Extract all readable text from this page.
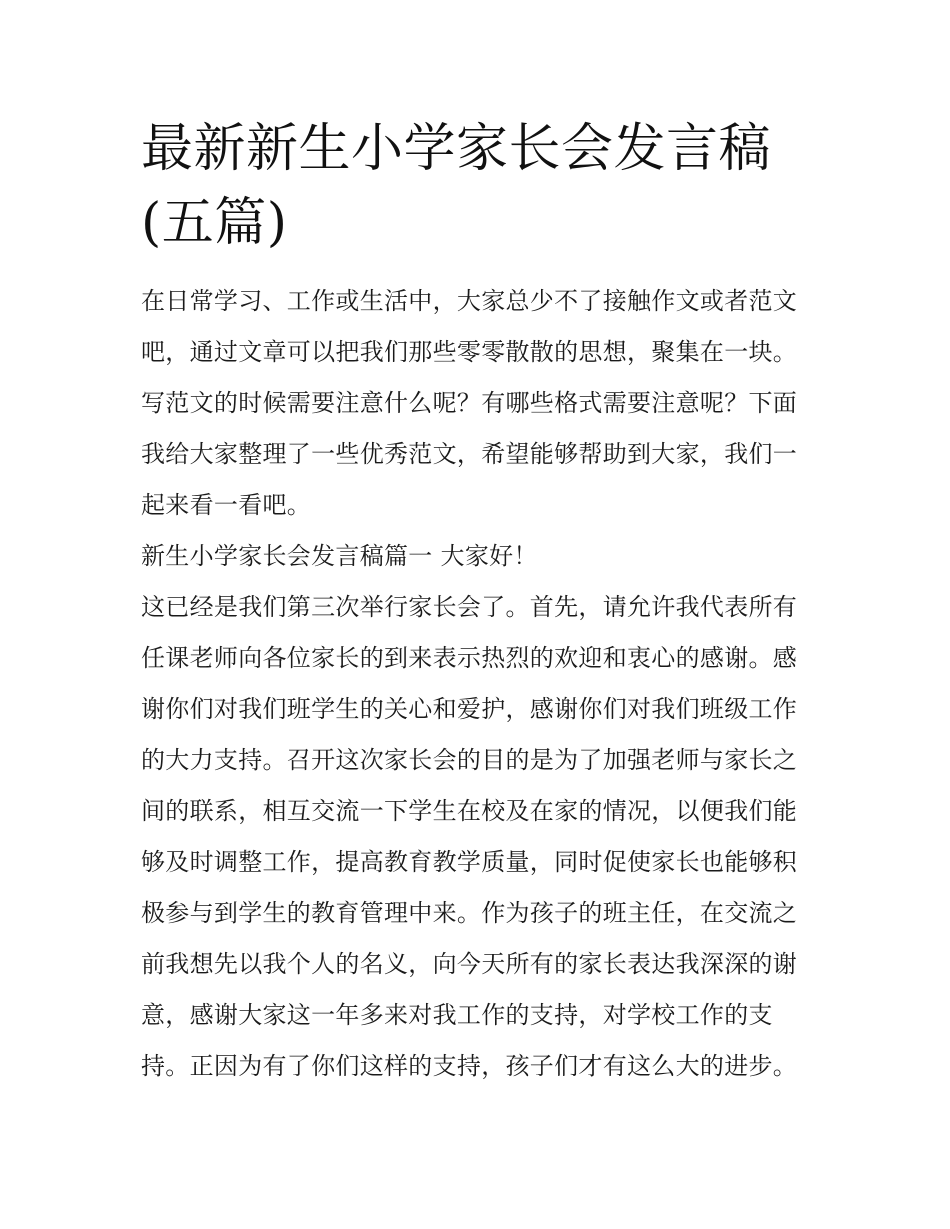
最新新生小学家长会发言稿(五篇)
在日常学习、工作或生活中，大家总少不了接触作文或者范文
吧，通过文章可以把我们那些零零散散的思想，聚集在一块。
写范文的时候需要注意什么呢？有哪些格式需要注意呢？下面
我给大家整理了一些优秀范文，希望能够帮助到大家，我们一
起来看一看吧。
新生小学家长会发言稿篇一 大家好！
这已经是我们第三次举行家长会了。首先，请允许我代表所有
任课老师向各位家长的到来表示热烈的欢迎和衷心的感谢。感
谢你们对我们班学生的关心和爱护，感谢你们对我们班级工作
的大力支持。召开这次家长会的目的是为了加强老师与家长之
间的联系，相互交流一下学生在校及在家的情况，以便我们能
够及时调整工作，提高教育教学质量，同时促使家长也能够积
极参与到学生的教育管理中来。作为孩子的班主任，在交流之
前我想先以我个人的名义，向今天所有的家长表达我深深的谢
意，感谢大家这一年多来对我工作的支持，对学校工作的支
持。正因为有了你们这样的支持，孩子们才有这么大的进步。
